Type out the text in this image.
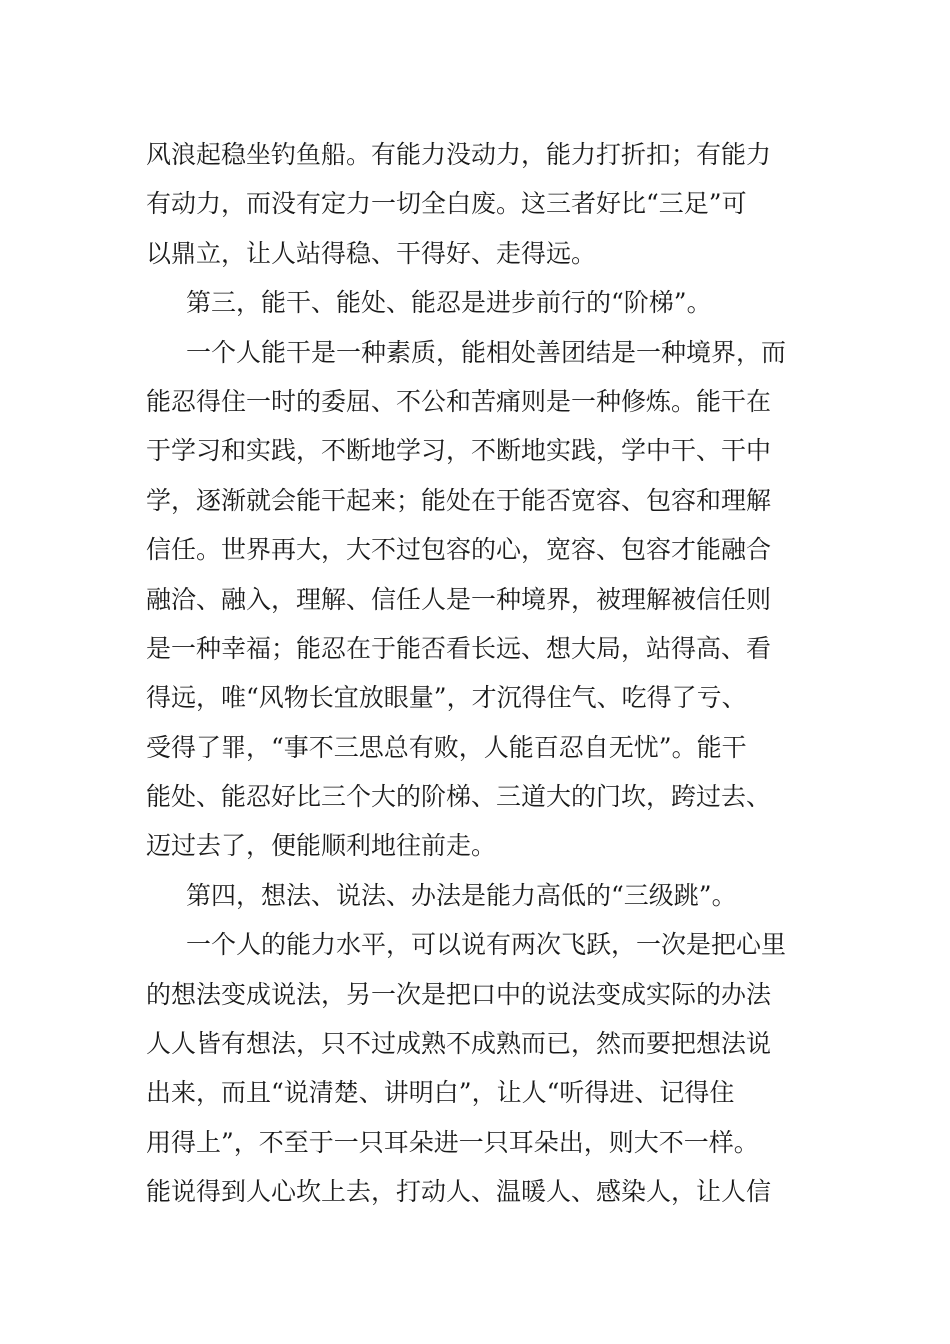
风浪起稳坐钓鱼船。有能力没动力，能力打折扣；有能力
有动力，而没有定力一切全白废。这三者好比“三足”可
以鼎立，让人站得稳、干得好、走得远。
第三，能干、能处、能忍是进步前行的“阶梯”。
一个人能干是一种素质，能相处善团结是一种境界，而
能忍得住一时的委屈、不公和苦痛则是一种修炼。能干在
于学习和实践，不断地学习，不断地实践，学中干、干中
学，逐渐就会能干起来；能处在于能否宽容、包容和理解
信任。世界再大，大不过包容的心，宽容、包容才能融合
融洽、融入，理解、信任人是一种境界，被理解被信任则
是一种幸福；能忍在于能否看长远、想大局，站得高、看
得远，唯“风物长宜放眼量”，才沉得住气、吃得了亏、
受得了罪，“事不三思总有败，人能百忍自无忧”。能干
能处、能忍好比三个大的阶梯、三道大的门坎，跨过去、
迈过去了，便能顺利地往前走。
第四，想法、说法、办法是能力高低的“三级跳”。
一个人的能力水平，可以说有两次飞跃，一次是把心里
的想法变成说法，另一次是把口中的说法变成实际的办法
人人皆有想法，只不过成熟不成熟而已，然而要把想法说
出来，而且“说清楚、讲明白”，让人“听得进、记得住
用得上”，不至于一只耳朵进一只耳朵出，则大不一样。
能说得到人心坎上去，打动人、温暖人、感染人，让人信
